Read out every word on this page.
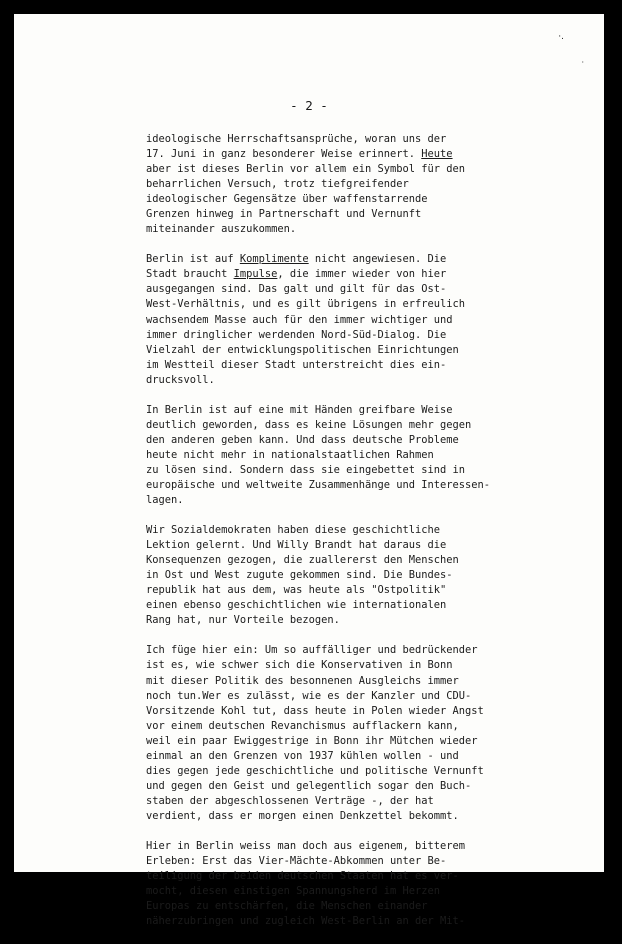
·.
·
- 2 -
ideologische Herrschaftsansprüche, woran uns der
17. Juni in ganz besonderer Weise erinnert. Heute
aber ist dieses Berlin vor allem ein Symbol für den
beharrlichen Versuch, trotz tiefgreifender
ideologischer Gegensätze über waffenstarrende
Grenzen hinweg in Partnerschaft und Vernunft
miteinander auszukommen.
Berlin ist auf Komplimente nicht angewiesen. Die
Stadt braucht Impulse, die immer wieder von hier
ausgegangen sind. Das galt und gilt für das Ost-
West-Verhältnis, und es gilt übrigens in erfreulich
wachsendem Masse auch für den immer wichtiger und
immer dringlicher werdenden Nord-Süd-Dialog. Die
Vielzahl der entwicklungspolitischen Einrichtungen
im Westteil dieser Stadt unterstreicht dies ein-
drucksvoll.
In Berlin ist auf eine mit Händen greifbare Weise
deutlich geworden, dass es keine Lösungen mehr gegen
den anderen geben kann. Und dass deutsche Probleme
heute nicht mehr in nationalstaatlichen Rahmen
zu lösen sind. Sondern dass sie eingebettet sind in
europäische und weltweite Zusammenhänge und Interessen-
lagen.
Wir Sozialdemokraten haben diese geschichtliche
Lektion gelernt. Und Willy Brandt hat daraus die
Konsequenzen gezogen, die zuallererst den Menschen
in Ost und West zugute gekommen sind. Die Bundes-
republik hat aus dem, was heute als "Ostpolitik"
einen ebenso geschichtlichen wie internationalen
Rang hat, nur Vorteile bezogen.
Ich füge hier ein: Um so auffälliger und bedrückender
ist es, wie schwer sich die Konservativen in Bonn
mit dieser Politik des besonnenen Ausgleichs immer
noch tun.Wer es zulässt, wie es der Kanzler und CDU-
Vorsitzende Kohl tut, dass heute in Polen wieder Angst
vor einem deutschen Revanchismus aufflackern kann,
weil ein paar Ewiggestrige in Bonn ihr Mütchen wieder
einmal an den Grenzen von 1937 kühlen wollen - und
dies gegen jede geschichtliche und politische Vernunft
und gegen den Geist und gelegentlich sogar den Buch-
staben der abgeschlossenen Verträge -, der hat
verdient, dass er morgen einen Denkzettel bekommt.
Hier in Berlin weiss man doch aus eigenem, bitterem
Erleben: Erst das Vier-Mächte-Abkommen unter Be-
teiligung der beiden deutschen Staaten hat es ver-
mocht, diesen einstigen Spannungsherd im Herzen
Europas zu entschärfen, die Menschen einander
näherzubringen und zugleich West-Berlin an der Mit-
